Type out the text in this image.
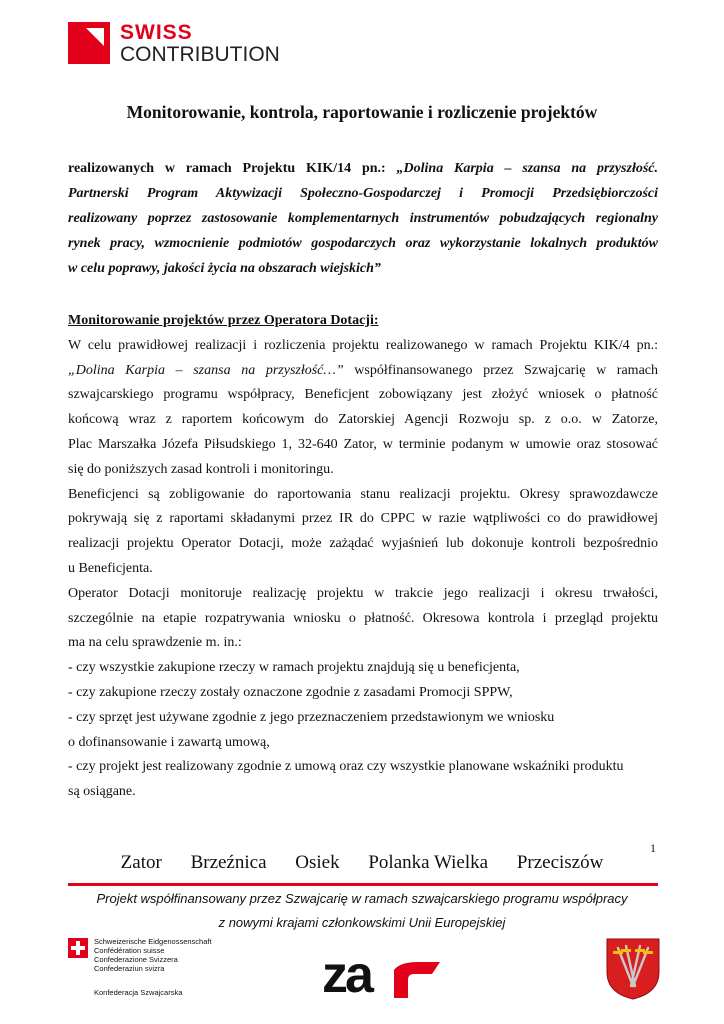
SWISS
CONTRIBUTION
Monitorowanie, kontrola, raportowanie i rozliczenie projektów
realizowanych w ramach Projektu KIK/14 pn.: „Dolina Karpia – szansa na przyszłość.
Partnerski Program Aktywizacji Społeczno-Gospodarczej i Promocji Przedsiębiorczości
realizowany poprzez zastosowanie komplementarnych instrumentów pobudzających regionalny
rynek pracy, wzmocnienie podmiotów gospodarczych oraz wykorzystanie lokalnych produktów
w celu poprawy, jakości życia na obszarach wiejskich”
Monitorowanie projektów przez Operatora Dotacji:
W celu prawidłowej realizacji i rozliczenia projektu realizowanego w ramach Projektu KIK/4 pn.:
„Dolina Karpia – szansa na przyszłość…” współfinansowanego przez Szwajcarię w ramach
szwajcarskiego programu współpracy, Beneficjent zobowiązany jest złożyć wniosek o płatność
końcową wraz z raportem końcowym do Zatorskiej Agencji Rozwoju sp. z o.o. w Zatorze,
Plac Marszałka Józefa Piłsudskiego 1, 32-640 Zator, w terminie podanym w umowie oraz stosować
się do poniższych zasad kontroli i monitoringu.
Beneficjenci są zobligowanie do raportowania stanu realizacji projektu. Okresy sprawozdawcze
pokrywają się z raportami składanymi przez IR do CPPC w razie wątpliwości co do prawidłowej
realizacji projektu Operator Dotacji, może zażądać wyjaśnień lub dokonuje kontroli bezpośrednio
u Beneficjenta.
Operator Dotacji monitoruje realizację projektu w trakcie jego realizacji i okresu trwałości,
szczególnie na etapie rozpatrywania wniosku o płatność. Okresowa kontrola i przegląd projektu
ma na celu sprawdzenie m. in.:
- czy wszystkie zakupione rzeczy w ramach projektu znajdują się u beneficjenta,
- czy zakupione rzeczy zostały oznaczone zgodnie z zasadami Promocji SPPW,
- czy sprzęt jest używane zgodnie z jego przeznaczeniem przedstawionym we wniosku
o dofinansowanie i zawartą umową,
- czy projekt jest realizowany zgodnie z umową oraz czy wszystkie planowane wskaźniki produktu
są osiągane.
1
Zator Brzeźnica Osiek Polanka Wielka Przeciszów
Projekt współfinansowany przez Szwajcarię w ramach szwajcarskiego programu współpracy
z nowymi krajami członkowskimi Unii Europejskiej
Schweizerische Eidgenossenschaft
Confédération suisse
Confederazione Svizzera
Confederaziun svizra
Konfederacja Szwajcarska	za
